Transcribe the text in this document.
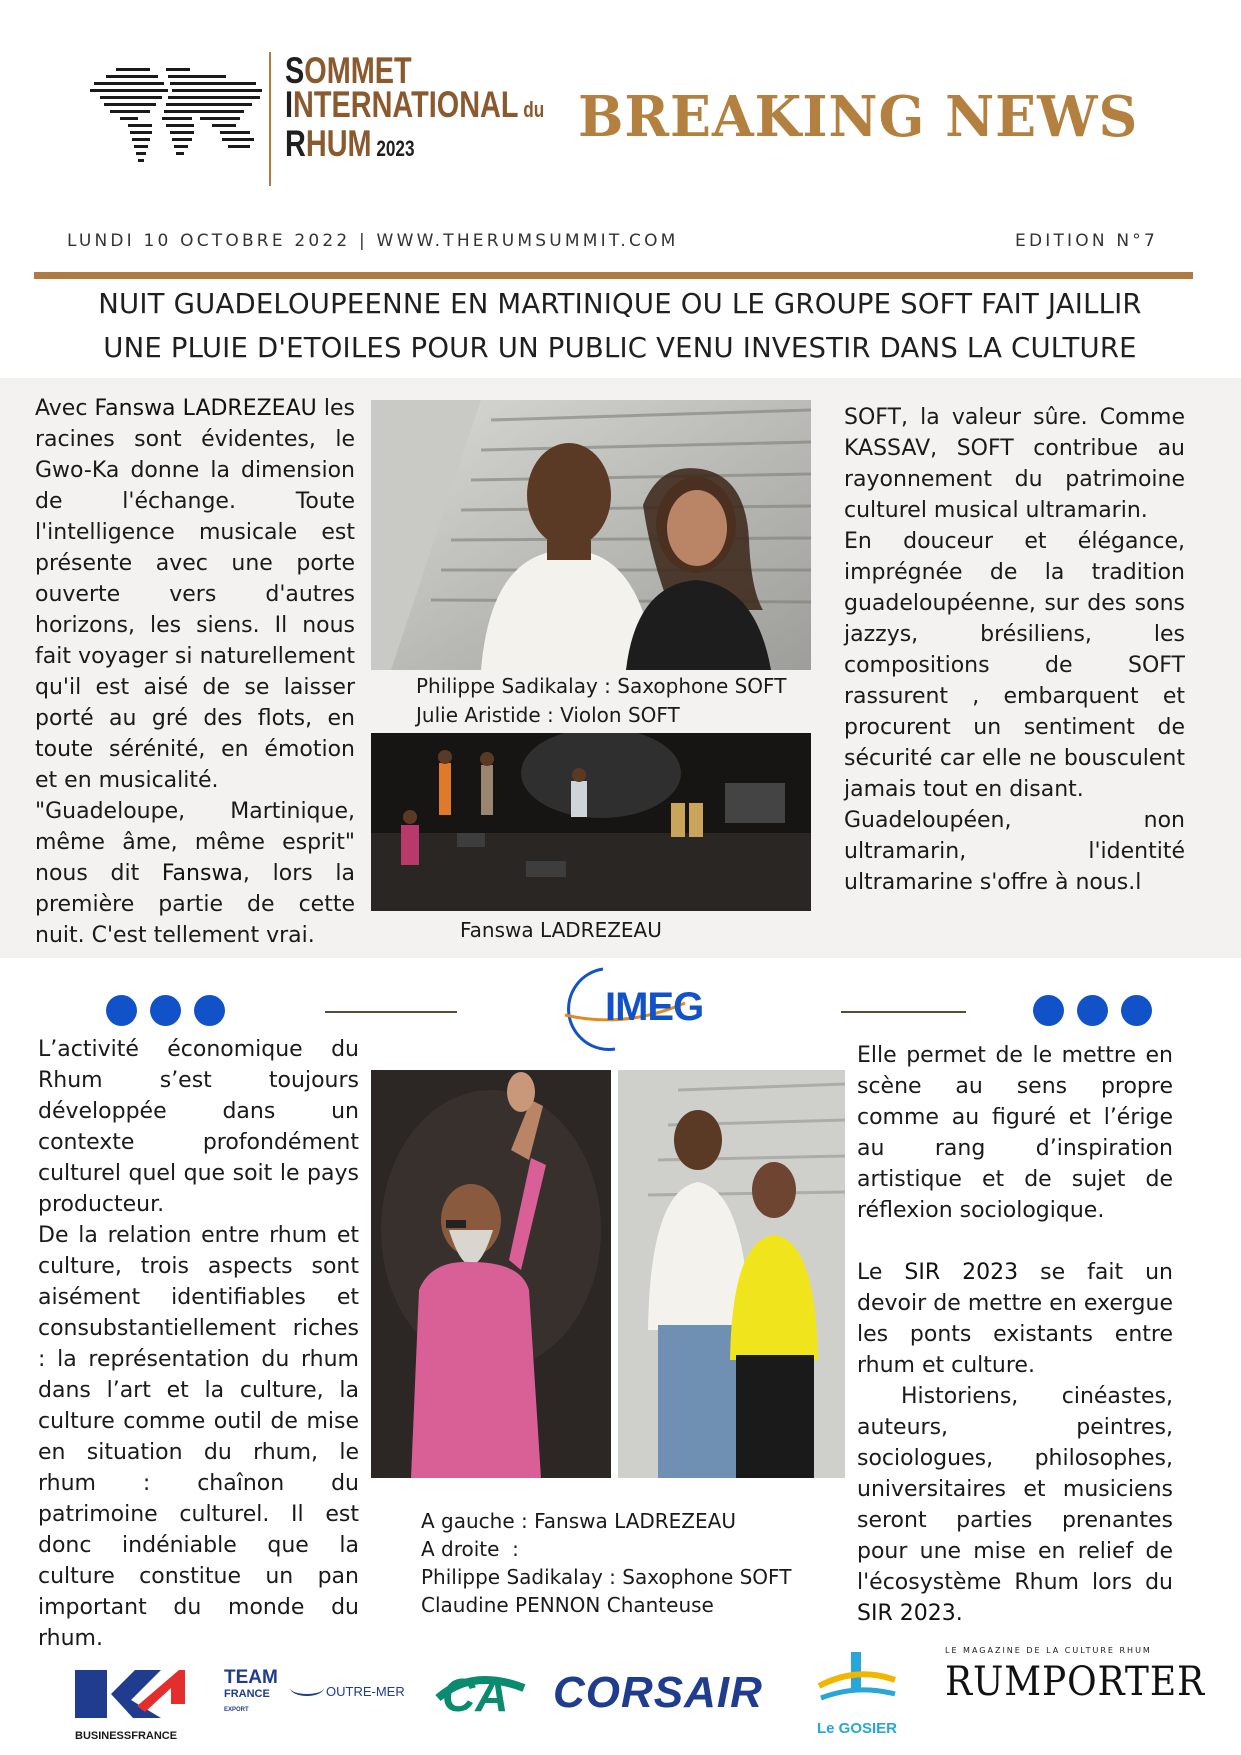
SOMMET
INTERNATIONAL du
RHUM 2023	BREAKING NEWS
LUNDI 10 OCTOBRE 2022 | WWW.THERUMSUMMIT.COM	EDITION N°7
NUIT GUADELOUPEENNE EN MARTINIQUE OU LE GROUPE SOFT FAIT JAILLIR
UNE PLUIE D'ETOILES POUR UN PUBLIC VENU INVESTIR DANS LA CULTURE

Avec Fanswa LADREZEAU les racines sont évidentes, le Gwo-Ka donne la dimension de l'échange. Toute l'intelligence musicale est présente avec une porte ouverte vers d'autres horizons, les siens. Il nous fait voyager si naturellement qu'il est aisé de se laisser porté au gré des flots, en toute sérénité, en émotion et en musicalité.

"Guadeloupe, Martinique, même âme, même esprit" nous dit Fanswa, lors la première partie de cette nuit. C'est tellement vrai.

Philippe Sadikalay : Saxophone SOFT
Julie Aristide : Violon SOFT
Fanswa LADREZEAU

SOFT, la valeur sûre. Comme KASSAV, SOFT contribue au rayonnement du patrimoine culturel musical ultramarin.

En douceur et élégance, imprégnée de la tradition guadeloupéenne, sur des sons jazzys, brésiliens, les compositions de SOFT rassurent , embarquent et procurent un sentiment de sécurité car elle ne bousculent jamais tout en disant.

Guadeloupéen, non ultramarin, l'identité ultramarine s'offre à nous.l

IMEG

L’activité économique du Rhum s’est toujours développée dans un contexte profondément culturel quel que soit le pays producteur.

De la relation entre rhum et culture, trois aspects sont aisément identifiables et consubstantiellement riches : la représentation du rhum dans l’art et la culture, la culture comme outil de mise en situation du rhum, le rhum : chaînon du patrimoine culturel. Il est donc indéniable que la culture constitue un pan important du monde du rhum.

A gauche : Fanswa LADREZEAU
A droite  :
Philippe Sadikalay : Saxophone SOFT
Claudine PENNON Chanteuse

Elle permet de le mettre en scène au sens propre comme au figuré et l’érige au rang d’inspiration artistique et de sujet de réflexion sociologique.

Le SIR 2023 se fait un devoir de mettre en exergue les ponts existants entre rhum et culture.

Historiens, cinéastes, auteurs, peintres, sociologues, philosophes, universitaires et musiciens seront parties prenantes pour une mise en relief de l'écosystème Rhum lors du SIR 2023.

BUSINESSFRANCE
TEAM
FRANCE
EXPORT
OUTRE-MER CA CORSAIR
Le GOSIER
LE MAGAZINE DE LA CULTURE RHUM
RUMPORTER
